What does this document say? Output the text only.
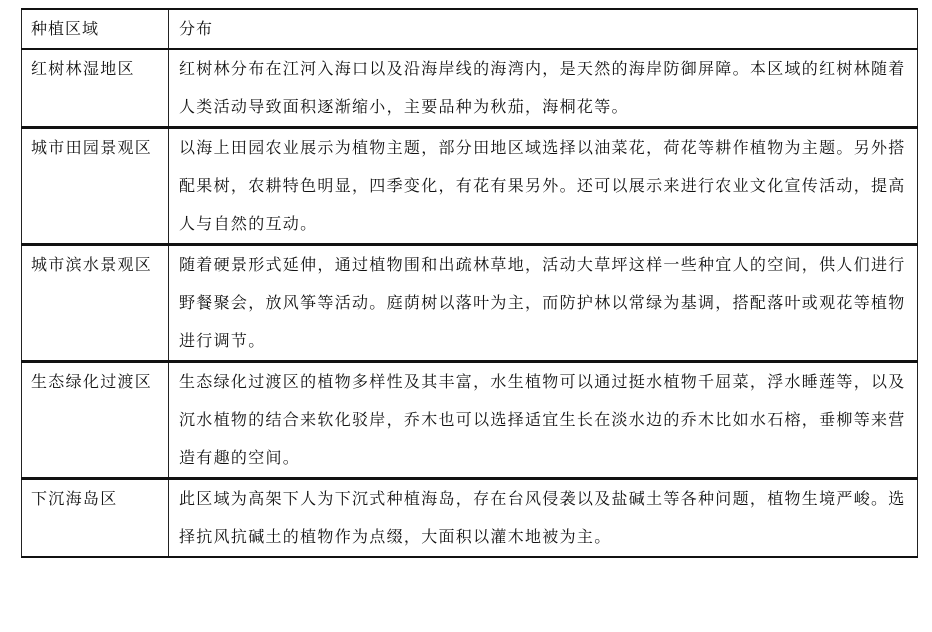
种植区域	分布

红树林湿地区	红树林分布在江河入海口以及沿海岸线的海湾内，是天然的海岸防御屏障。本区域的红树林随着人类活动导致面积逐渐缩小，主要品种为秋茄，海桐花等。

城市田园景观区	以海上田园农业展示为植物主题，部分田地区域选择以油菜花，荷花等耕作植物为主题。另外搭配果树，农耕特色明显，四季变化，有花有果另外。还可以展示来进行农业文化宣传活动，提高人与自然的互动。

城市滨水景观区	随着硬景形式延伸，通过植物围和出疏林草地，活动大草坪这样一些种宜人的空间，供人们进行野餐聚会，放风筝等活动。庭荫树以落叶为主，而防护林以常绿为基调，搭配落叶或观花等植物进行调节。

生态绿化过渡区	生态绿化过渡区的植物多样性及其丰富，水生植物可以通过挺水植物千屈菜，浮水睡莲等，以及沉水植物的结合来软化驳岸，乔木也可以选择适宜生长在淡水边的乔木比如水石榕，垂柳等来营造有趣的空间。

下沉海岛区	此区域为高架下人为下沉式种植海岛，存在台风侵袭以及盐碱土等各种问题，植物生境严峻。选择抗风抗碱土的植物作为点缀，大面积以灌木地被为主。
